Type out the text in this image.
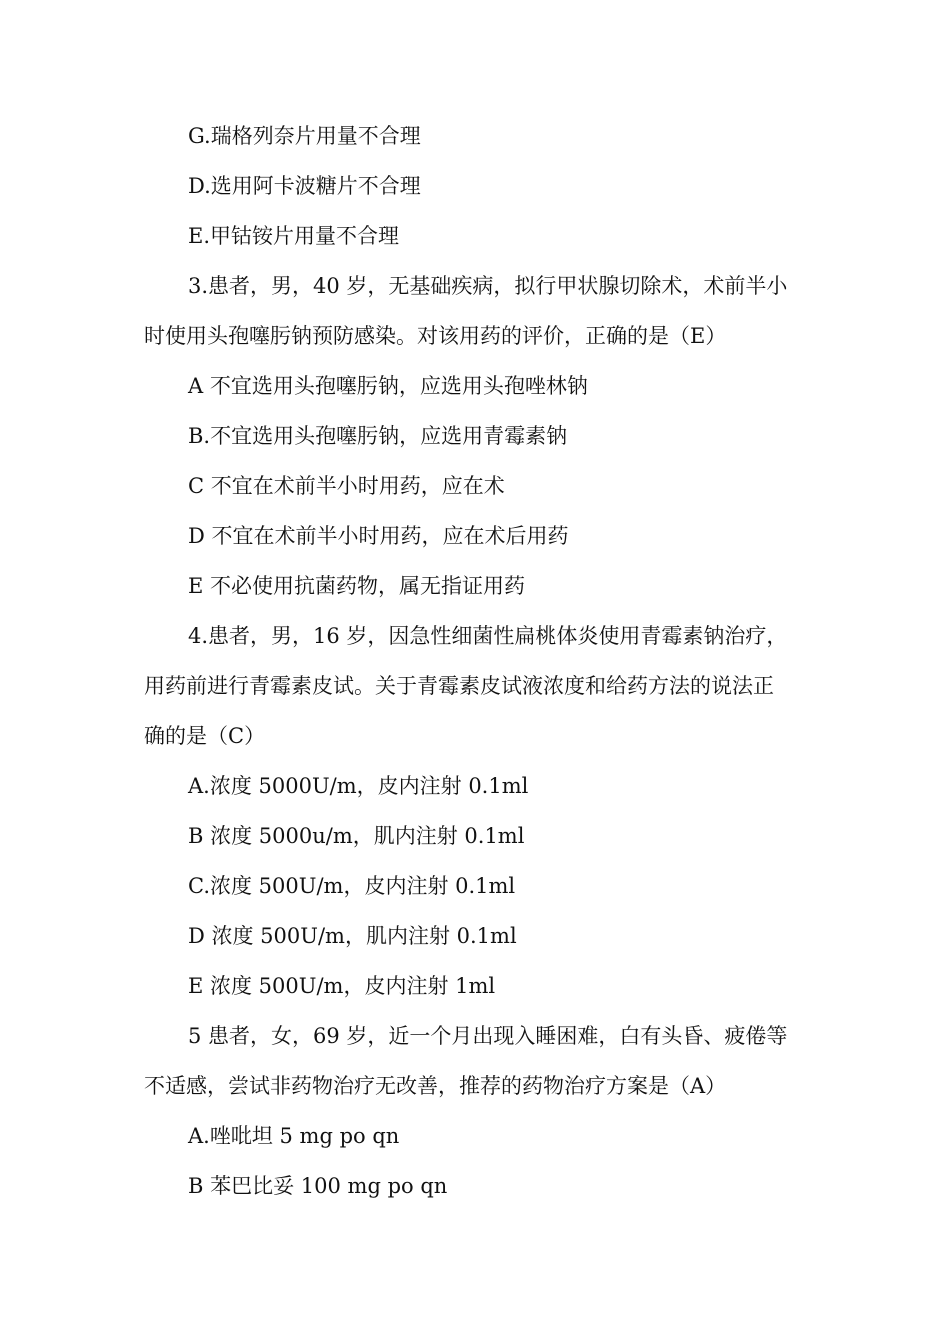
G.瑞格列奈片用量不合理
D.选用阿卡波糖片不合理
E.甲钴铵片用量不合理
3.患者，男，40 岁，无基础疾病，拟行甲状腺切除术，术前半小
时使用头孢噻肟钠预防感染。对该用药的评价，正确的是（E）
A 不宜选用头孢噻肟钠，应选用头孢唑林钠
B.不宜选用头孢噻肟钠，应选用青霉素钠
C 不宜在术前半小时用药，应在术
D 不宜在术前半小时用药，应在术后用药
E 不必使用抗菌药物，属无指证用药
4.患者，男，16 岁，因急性细菌性扁桃体炎使用青霉素钠治疗，
用药前进行青霉素皮试。关于青霉素皮试液浓度和给药方法的说法正
确的是（C）
A.浓度 5000U/m，皮内注射 0.1ml
B 浓度 5000u/m，肌内注射 0.1ml
C.浓度 500U/m，皮内注射 0.1ml
D 浓度 500U/m，肌内注射 0.1ml
E 浓度 500U/m，皮内注射 1ml
5 患者，女，69 岁，近一个月出现入睡困难，白有头昏、疲倦等
不适感，尝试非药物治疗无改善，推荐的药物治疗方案是（A）
A.唑吡坦 5 mg po qn
B 苯巴比妥 100 mg po qn
